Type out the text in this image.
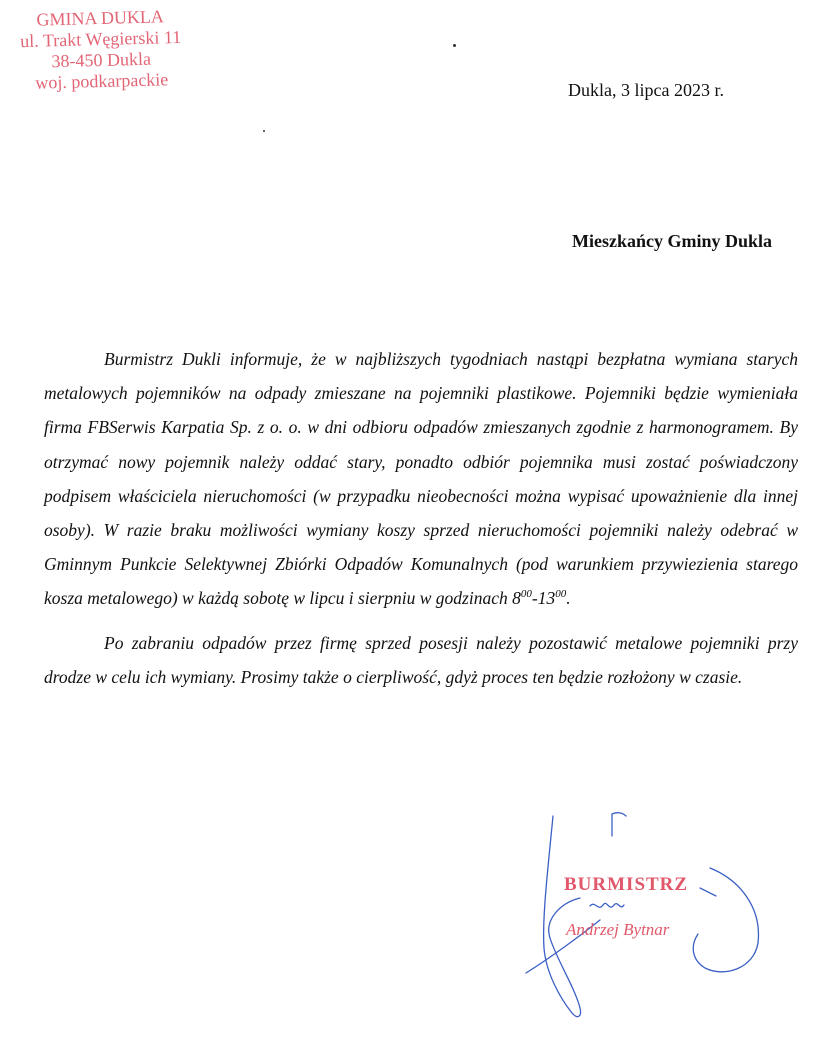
GMINA DUKLA
ul. Trakt Węgierski 11
38-450 Dukla
woj. podkarpackie	Dukla, 3 lipca 2023 r.
Mieszkańcy Gminy Dukla

Burmistrz Dukli informuje, że w najbliższych tygodniach nastąpi bezpłatna wymiana starych metalowych pojemników na odpady zmieszane na pojemniki plastikowe. Pojemniki będzie wymieniała firma FBSerwis Karpatia Sp. z o. o. w dni odbioru odpadów zmieszanych zgodnie z harmonogramem. By otrzymać nowy pojemnik należy oddać stary, ponadto odbiór pojemnika musi zostać poświadczony podpisem właściciela nieruchomości (w przypadku nieobecności można wypisać upoważnienie dla innej osoby). W razie braku możliwości wymiany koszy sprzed nieruchomości pojemniki należy odebrać w Gminnym Punkcie Selektywnej Zbiórki Odpadów Komunalnych (pod warunkiem przywiezienia starego kosza metalowego) w każdą sobotę w lipcu i sierpniu w godzinach $8^{00}-13^{00}$.

Po zabraniu odpadów przez firmę sprzed posesji należy pozostawić metalowe pojemniki przy drodze w celu ich wymiany. Prosimy także o cierpliwość, gdyż proces ten będzie rozłożony w czasie.

BURMISTRZ
Andrzej Bytnar
